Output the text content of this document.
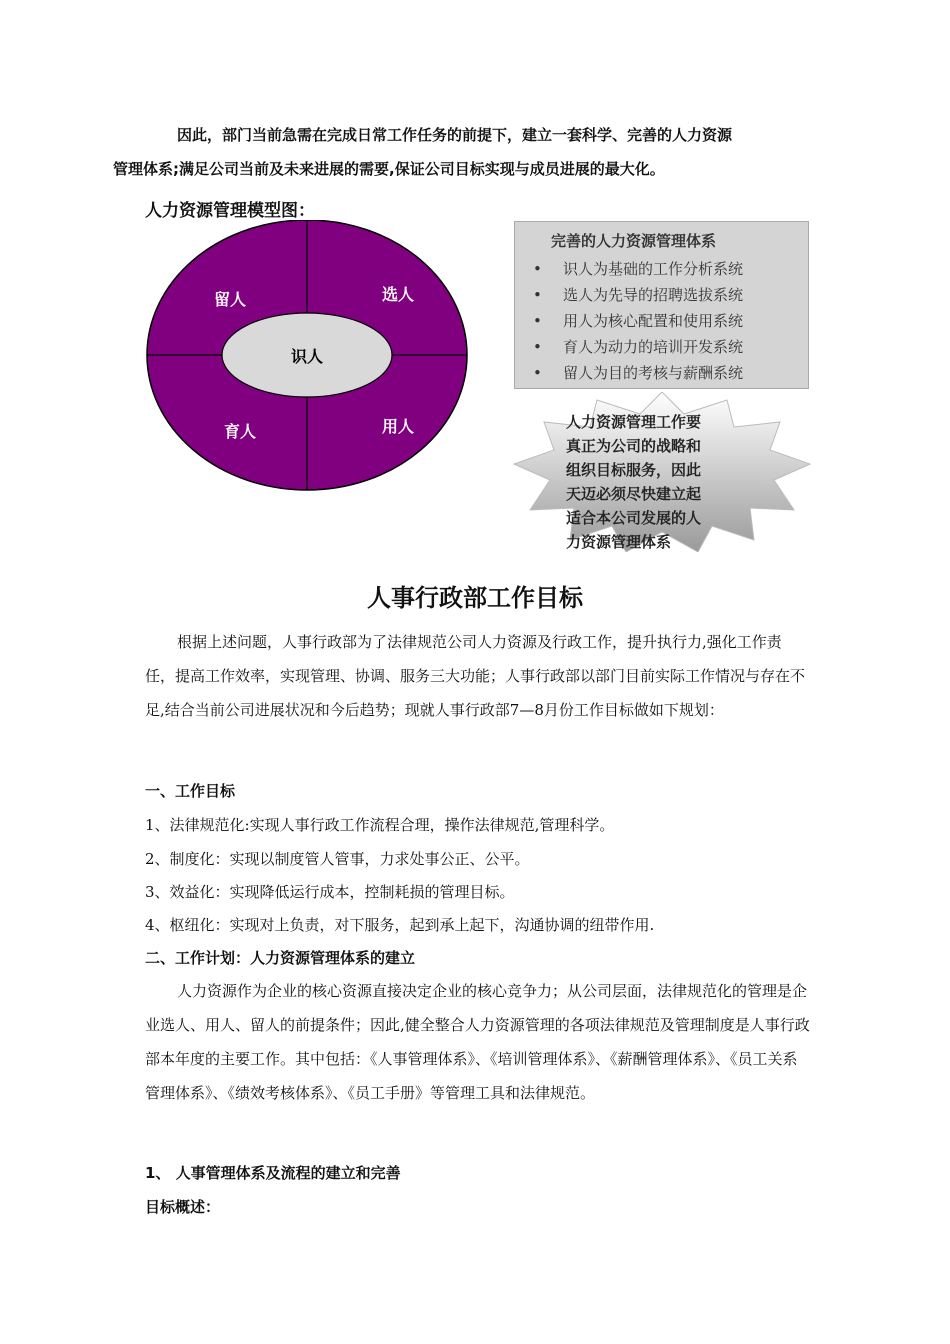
因此，部门当前急需在完成日常工作任务的前提下，建立一套科学、完善的人力资源
管理体系;满足公司当前及未来进展的需要,保证公司目标实现与成员进展的最大化。
人力资源管理模型图：
识人
留人	选人
育人	用人
完善的人力资源管理体系
• 识人为基础的工作分析系统
• 选人为先导的招聘选拔系统
• 用人为核心配置和使用系统
• 育人为动力的培训开发系统
• 留人为目的考核与薪酬系统
人力资源管理工作要
真正为公司的战略和
组织目标服务，因此
天迈必须尽快建立起
适合本公司发展的人
力资源管理体系
人事行政部工作目标
根据上述问题，人事行政部为了法律规范公司人力资源及行政工作，提升执行力,强化工作责任，提高工作效率，实现管理、协调、服务三大功能；人事行政部以部门目前实际工作情况与存在不足,结合当前公司进展状况和今后趋势；现就人事行政部7—8月份工作目标做如下规划：
一、工作目标
1、法律规范化:实现人事行政工作流程合理，操作法律规范,管理科学。
2、制度化：实现以制度管人管事，力求处事公正、公平。
3、效益化：实现降低运行成本，控制耗损的管理目标。
4、枢纽化：实现对上负责，对下服务，起到承上起下，沟通协调的纽带作用.
二、工作计划：人力资源管理体系的建立
人力资源作为企业的核心资源直接决定企业的核心竞争力；从公司层面，法律规范化的管理是企业选人、用人、留人的前提条件；因此,健全整合人力资源管理的各项法律规范及管理制度是人事行政部本年度的主要工作。其中包括：《人事管理体系》、《培训管理体系》、《薪酬管理体系》、《员工关系管理体系》、《绩效考核体系》、《员工手册》等管理工具和法律规范。
1、 人事管理体系及流程的建立和完善
目标概述：
